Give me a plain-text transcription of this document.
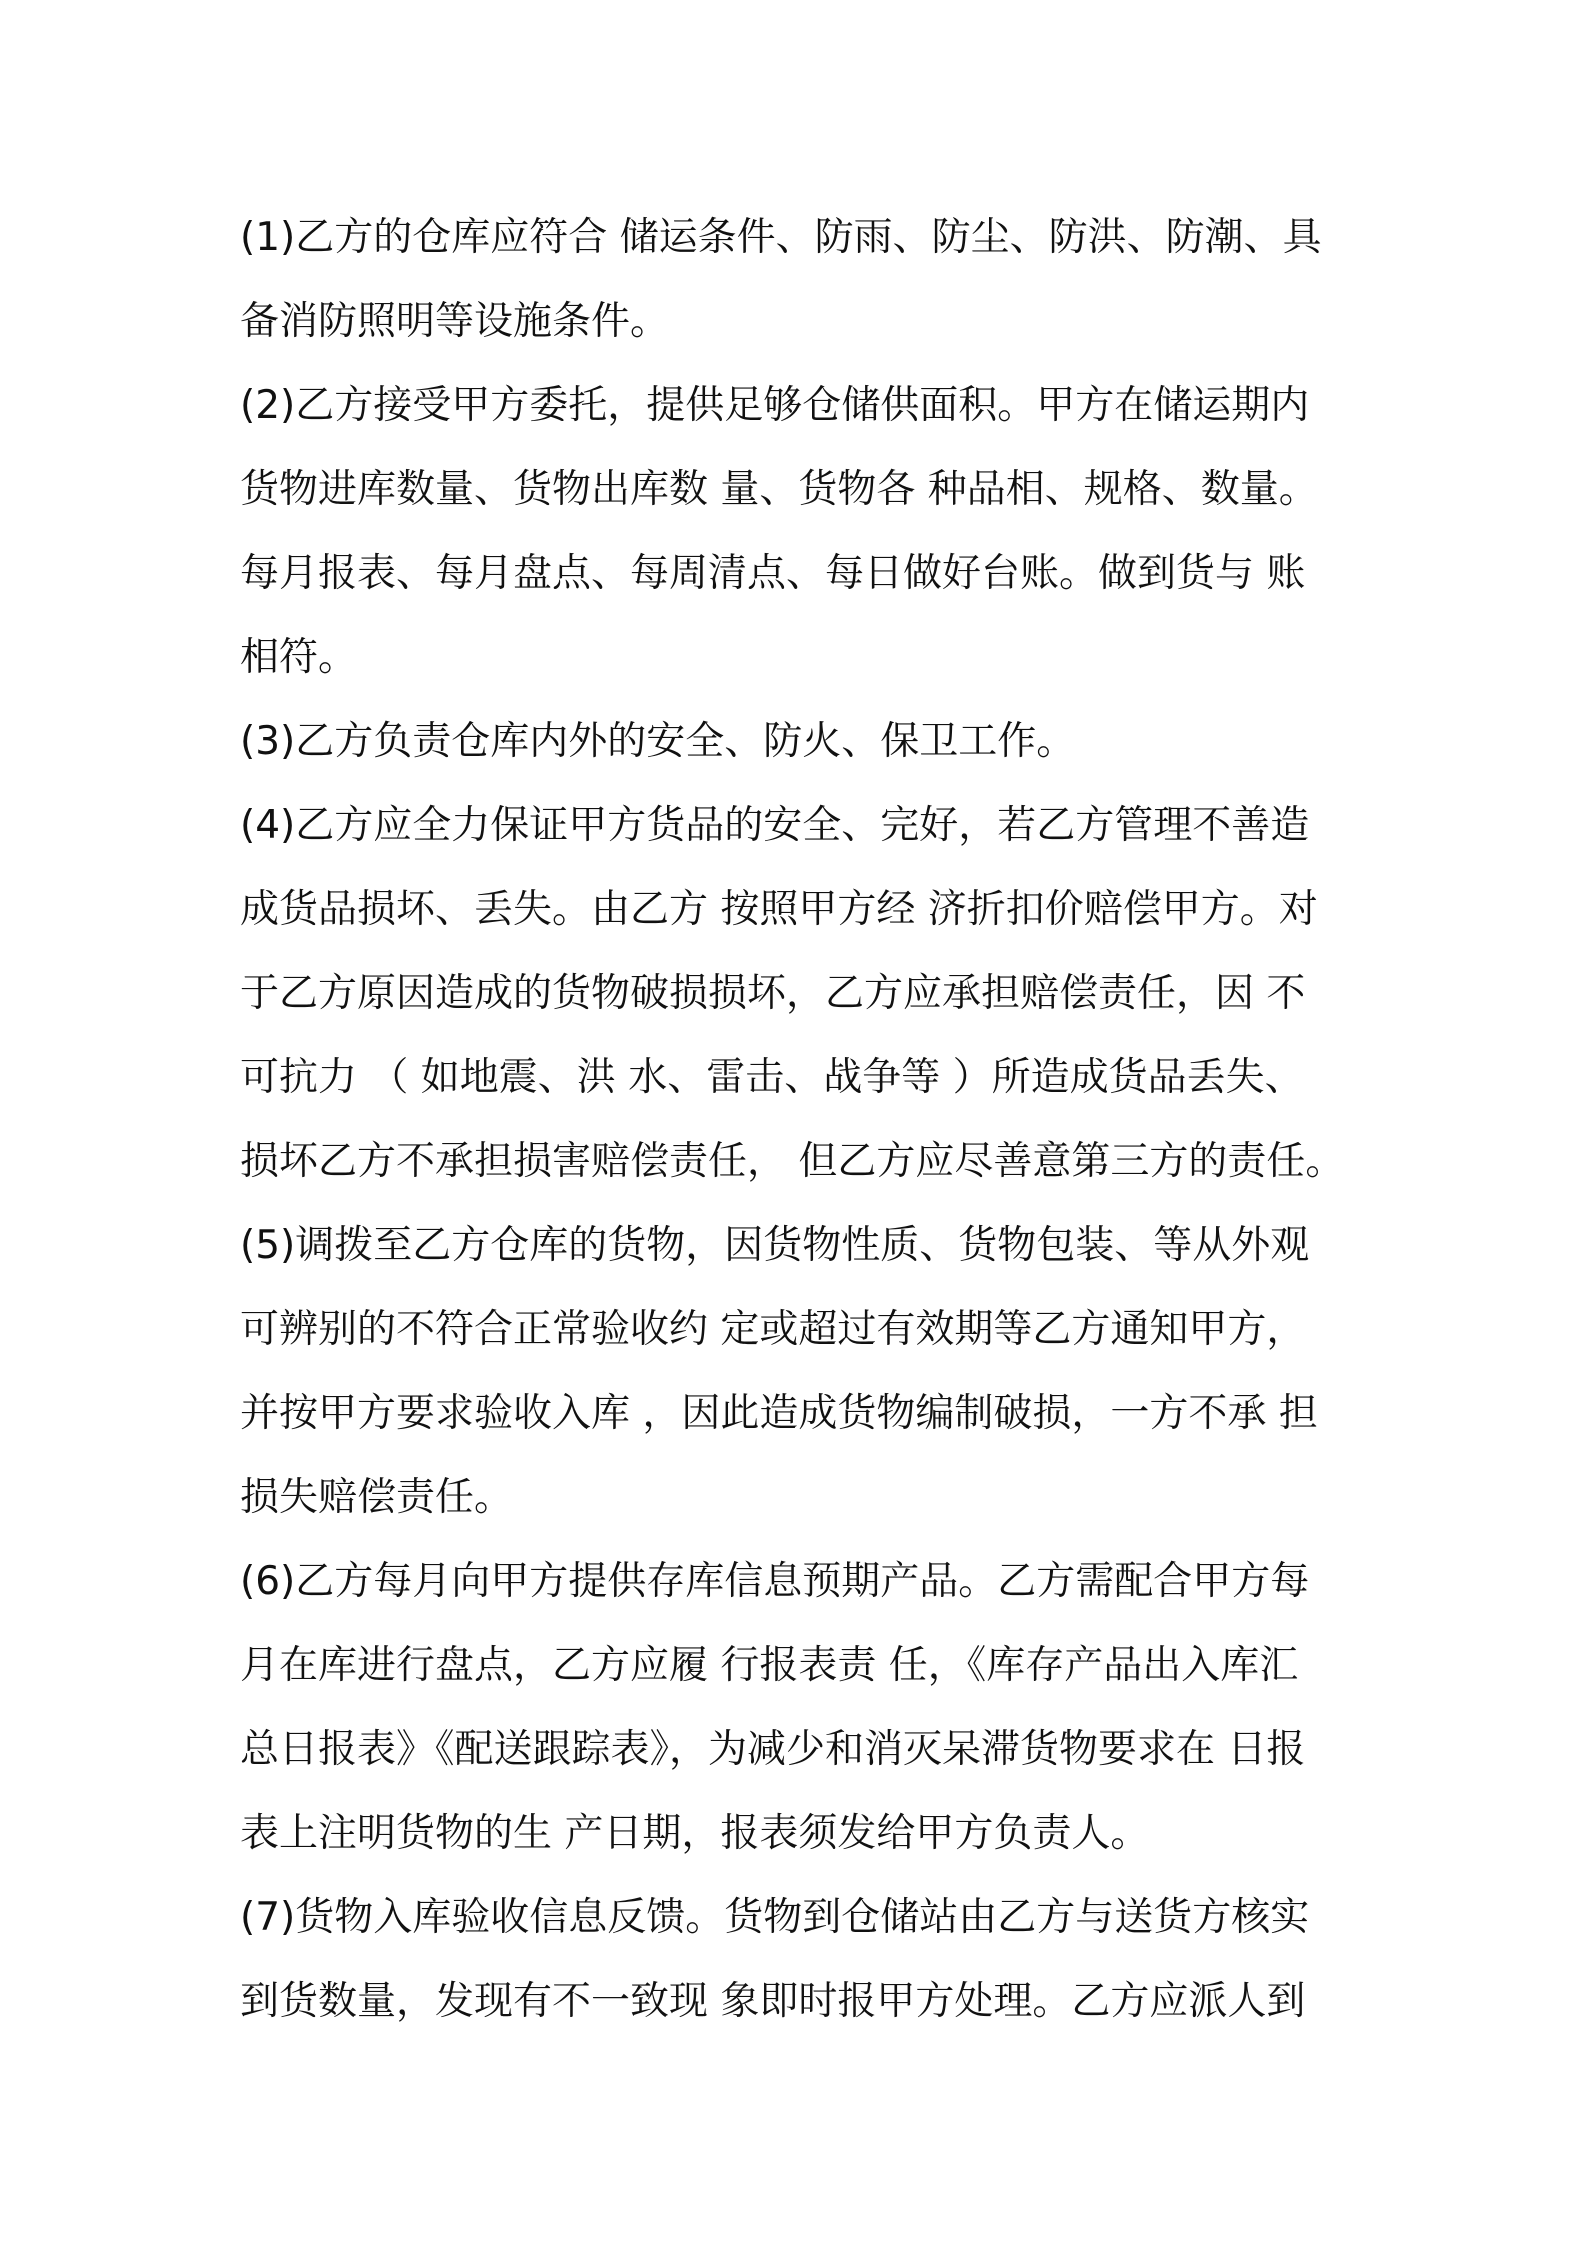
(1)乙方的仓库应符合 储运条件、防雨、防尘、防洪、防潮、具
备消防照明等设施条件。
(2)乙方接受甲方委托，提供足够仓储供面积。甲方在储运期内
货物进库数量、货物出库数 量、货物各 种品相、规格、数量。
每月报表、每月盘点、每周清点、每日做好台账。做到货与 账
相符。
(3)乙方负责仓库内外的安全、防火、保卫工作。
(4)乙方应全力保证甲方货品的安全、完好，若乙方管理不善造
成货品损坏、丢失。由乙方 按照甲方经 济折扣价赔偿甲方。对
于乙方原因造成的货物破损损坏，乙方应承担赔偿责任，因 不
可抗力 （ 如地震、洪 水、雷击、战争等 ）所造成货品丢失、
损坏乙方不承担损害赔偿责任， 但乙方应尽善意第三方的责任。
(5)调拨至乙方仓库的货物，因货物性质、货物包装、等从外观
可辨别的不符合正常验收约 定或超过有效期等乙方通知甲方，
并按甲方要求验收入库 ，因此造成货物编制破损，一方不承 担
损失赔偿责任。
(6)乙方每月向甲方提供存库信息预期产品。乙方需配合甲方每
月在库进行盘点，乙方应履 行报表责 任，《库存产品出入库汇
总日报表》《配送跟踪表》，为减少和消灭呆滞货物要求在 日报
表上注明货物的生 产日期，报表须发给甲方负责人。
(7)货物入库验收信息反馈。货物到仓储站由乙方与送货方核实
到货数量，发现有不一致现 象即时报甲方处理。乙方应派人到
